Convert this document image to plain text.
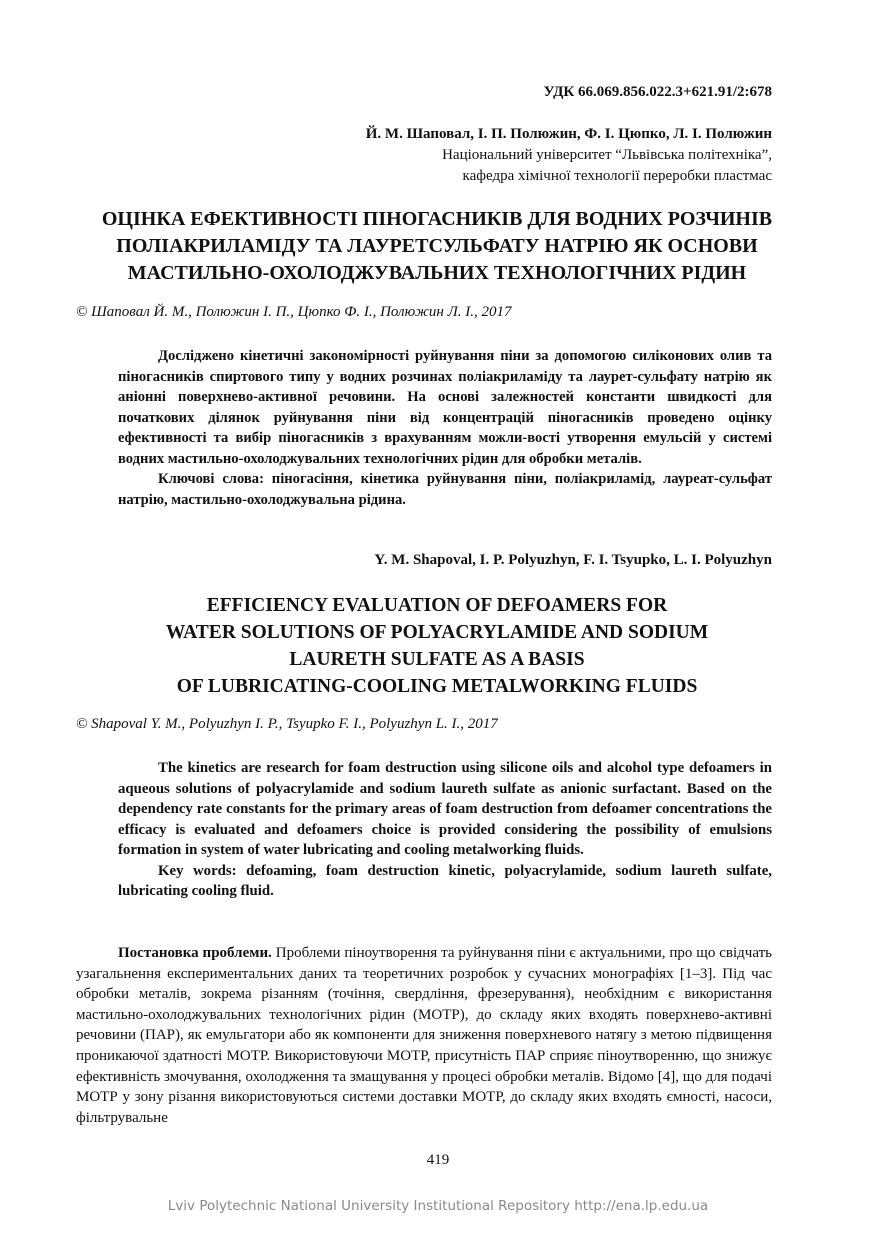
УДК 66.069.856.022.3+621.91/2:678
Й. М. Шаповал, І. П. Полюжин, Ф. І. Цюпко, Л. І. Полюжин
Національний університет “Львівська політехніка”,
кафедра хімічної технології переробки пластмас
ОЦІНКА ЕФЕКТИВНОСТІ ПІНОГАСНИКІВ ДЛЯ ВОДНИХ РОЗЧИНІВ
ПОЛІАКРИЛАМІДУ ТА ЛАУРЕТСУЛЬФАТУ НАТРІЮ ЯК ОСНОВИ
МАСТИЛЬНО-ОХОЛОДЖУВАЛЬНИХ ТЕХНОЛОГІЧНИХ РІДИН
© Шаповал Й. М., Полюжин І. П., Цюпко Ф. І., Полюжин Л. І., 2017

Досліджено кінетичні закономірності руйнування піни за допомогою силіконових олив та піногасників спиртового типу у водних розчинах поліакриламіду та лаурет-сульфату натрію як аніонні поверхнево-активної речовини. На основі залежностей константи швидкості для початкових ділянок руйнування піни від концентрацій піногасників проведено оцінку ефективності та вибір піногасників з врахуванням можли-вості утворення емульсій у системі водних мастильно-охолоджувальних технологічних рідин для обробки металів.

Ключові слова: піногасіння, кінетика руйнування піни, поліакриламід, лауреат-сульфат натрію, мастильно-охолоджувальна рідина.

Y. M. Shapoval, I. P. Polyuzhyn, F. I. Tsyupko, L. I. Polyuzhyn
EFFICIENCY EVALUATION OF DEFOAMERS FOR
WATER SOLUTIONS OF POLYACRYLAMIDE AND SODIUM
LAURETH SULFATE AS A BASIS
OF LUBRICATING-COOLING METALWORKING FLUIDS
© Shapoval Y. M., Polyuzhyn I. P., Tsyupko F. I., Polyuzhyn L. I., 2017

The kinetics are research for foam destruction using silicone oils and alcohol type defoamers in aqueous solutions of polyacrylamide and sodium laureth sulfate as anionic surfactant. Based on the dependency rate constants for the primary areas of foam destruction from defoamer concentrations the efficacy is evaluated and defoamers choice is provided considering the possibility of emulsions formation in system of water lubricating and cooling metalworking fluids.

Key words: defoaming, foam destruction kinetic, polyacrylamide, sodium laureth sulfate, lubricating cooling fluid.

Постановка проблеми. Проблеми піноутворення та руйнування піни є актуальними, про що свідчать узагальнення експериментальних даних та теоретичних розробок у сучасних монографіях [1–3]. Під час обробки металів, зокрема різанням (точіння, свердління, фрезерування), необхідним є використання мастильно-охолоджувальних технологічних рідин (МОТР), до складу яких входять поверхнево-активні речовини (ПАР), як емульгатори або як компоненти для зниження поверхневого натягу з метою підвищення проникаючої здатності МОТР. Використовуючи МОТР, присутність ПАР сприяє піноутворенню, що знижує ефективність змочування, охолодження та змащування у процесі обробки металів. Відомо [4], що для подачі МОТР у зону різання використовуються системи доставки МОТР, до складу яких входять ємності, насоси, фільтрувальне

419
Lviv Polytechnic National University Institutional Repository http://ena.lp.edu.ua
